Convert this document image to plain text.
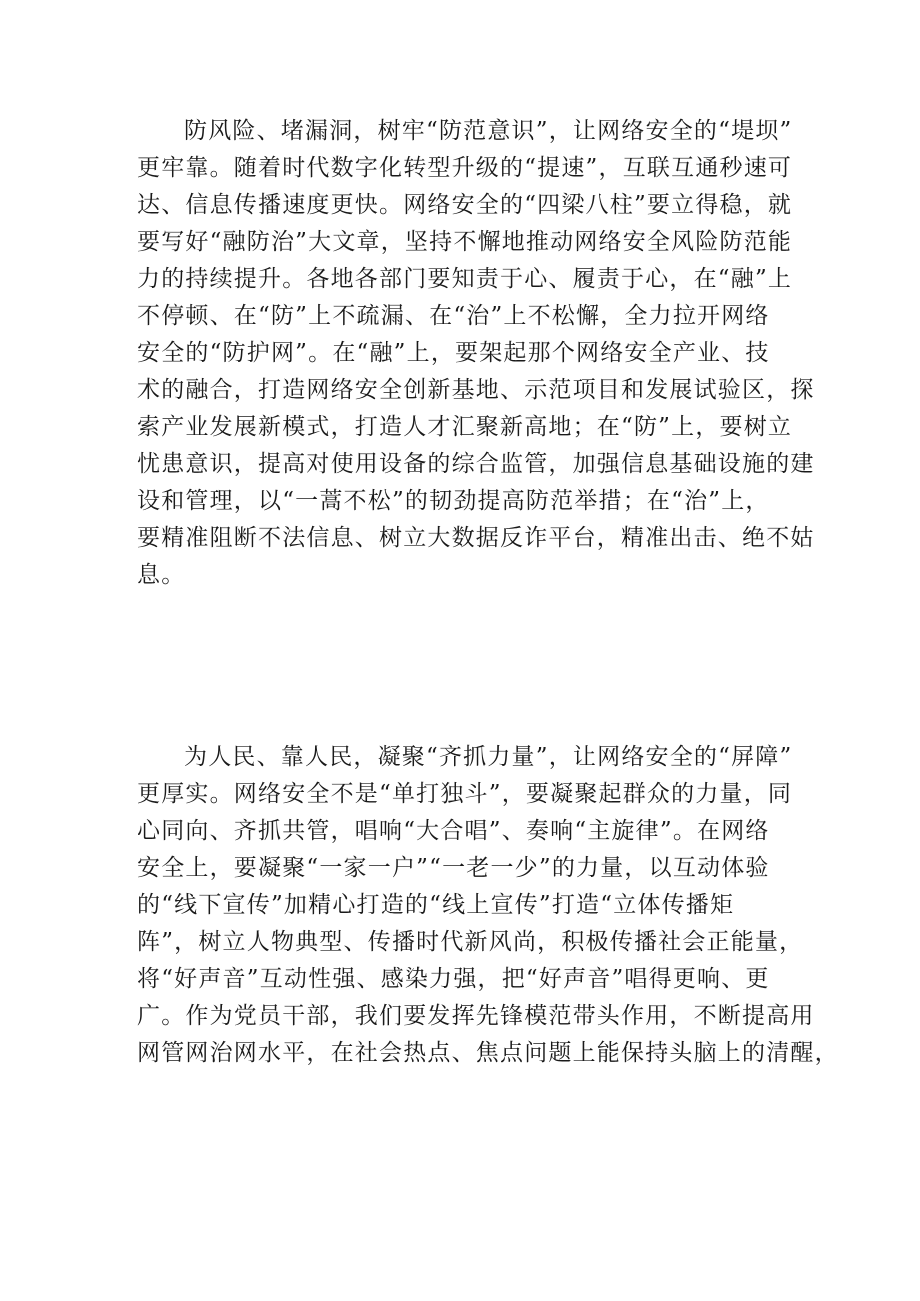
防风险、堵漏洞，树牢“防范意识”，让网络安全的“堤坝”
更牢靠。随着时代数字化转型升级的“提速”，互联互通秒速可
达、信息传播速度更快。网络安全的“四梁八柱”要立得稳，就
要写好“融防治”大文章，坚持不懈地推动网络安全风险防范能
力的持续提升。各地各部门要知责于心、履责于心，在“融”上
不停顿、在“防”上不疏漏、在“治”上不松懈，全力拉开网络
安全的“防护网”。在“融”上，要架起那个网络安全产业、技
术的融合，打造网络安全创新基地、示范项目和发展试验区，探
索产业发展新模式，打造人才汇聚新高地；在“防”上，要树立
忧患意识，提高对使用设备的综合监管，加强信息基础设施的建
设和管理，以“一蒿不松”的韧劲提高防范举措；在“治”上，
要精准阻断不法信息、树立大数据反诈平台，精准出击、绝不姑
息。
为人民、靠人民，凝聚“齐抓力量”，让网络安全的“屏障”
更厚实。网络安全不是“单打独斗”，要凝聚起群众的力量，同
心同向、齐抓共管，唱响“大合唱”、奏响“主旋律”。在网络
安全上，要凝聚“一家一户”“一老一少”的力量，以互动体验
的“线下宣传”加精心打造的“线上宣传”打造“立体传播矩
阵”，树立人物典型、传播时代新风尚，积极传播社会正能量，
将“好声音”互动性强、感染力强，把“好声音”唱得更响、更
广。作为党员干部，我们要发挥先锋模范带头作用，不断提高用
网管网治网水平，在社会热点、焦点问题上能保持头脑上的清醒，
